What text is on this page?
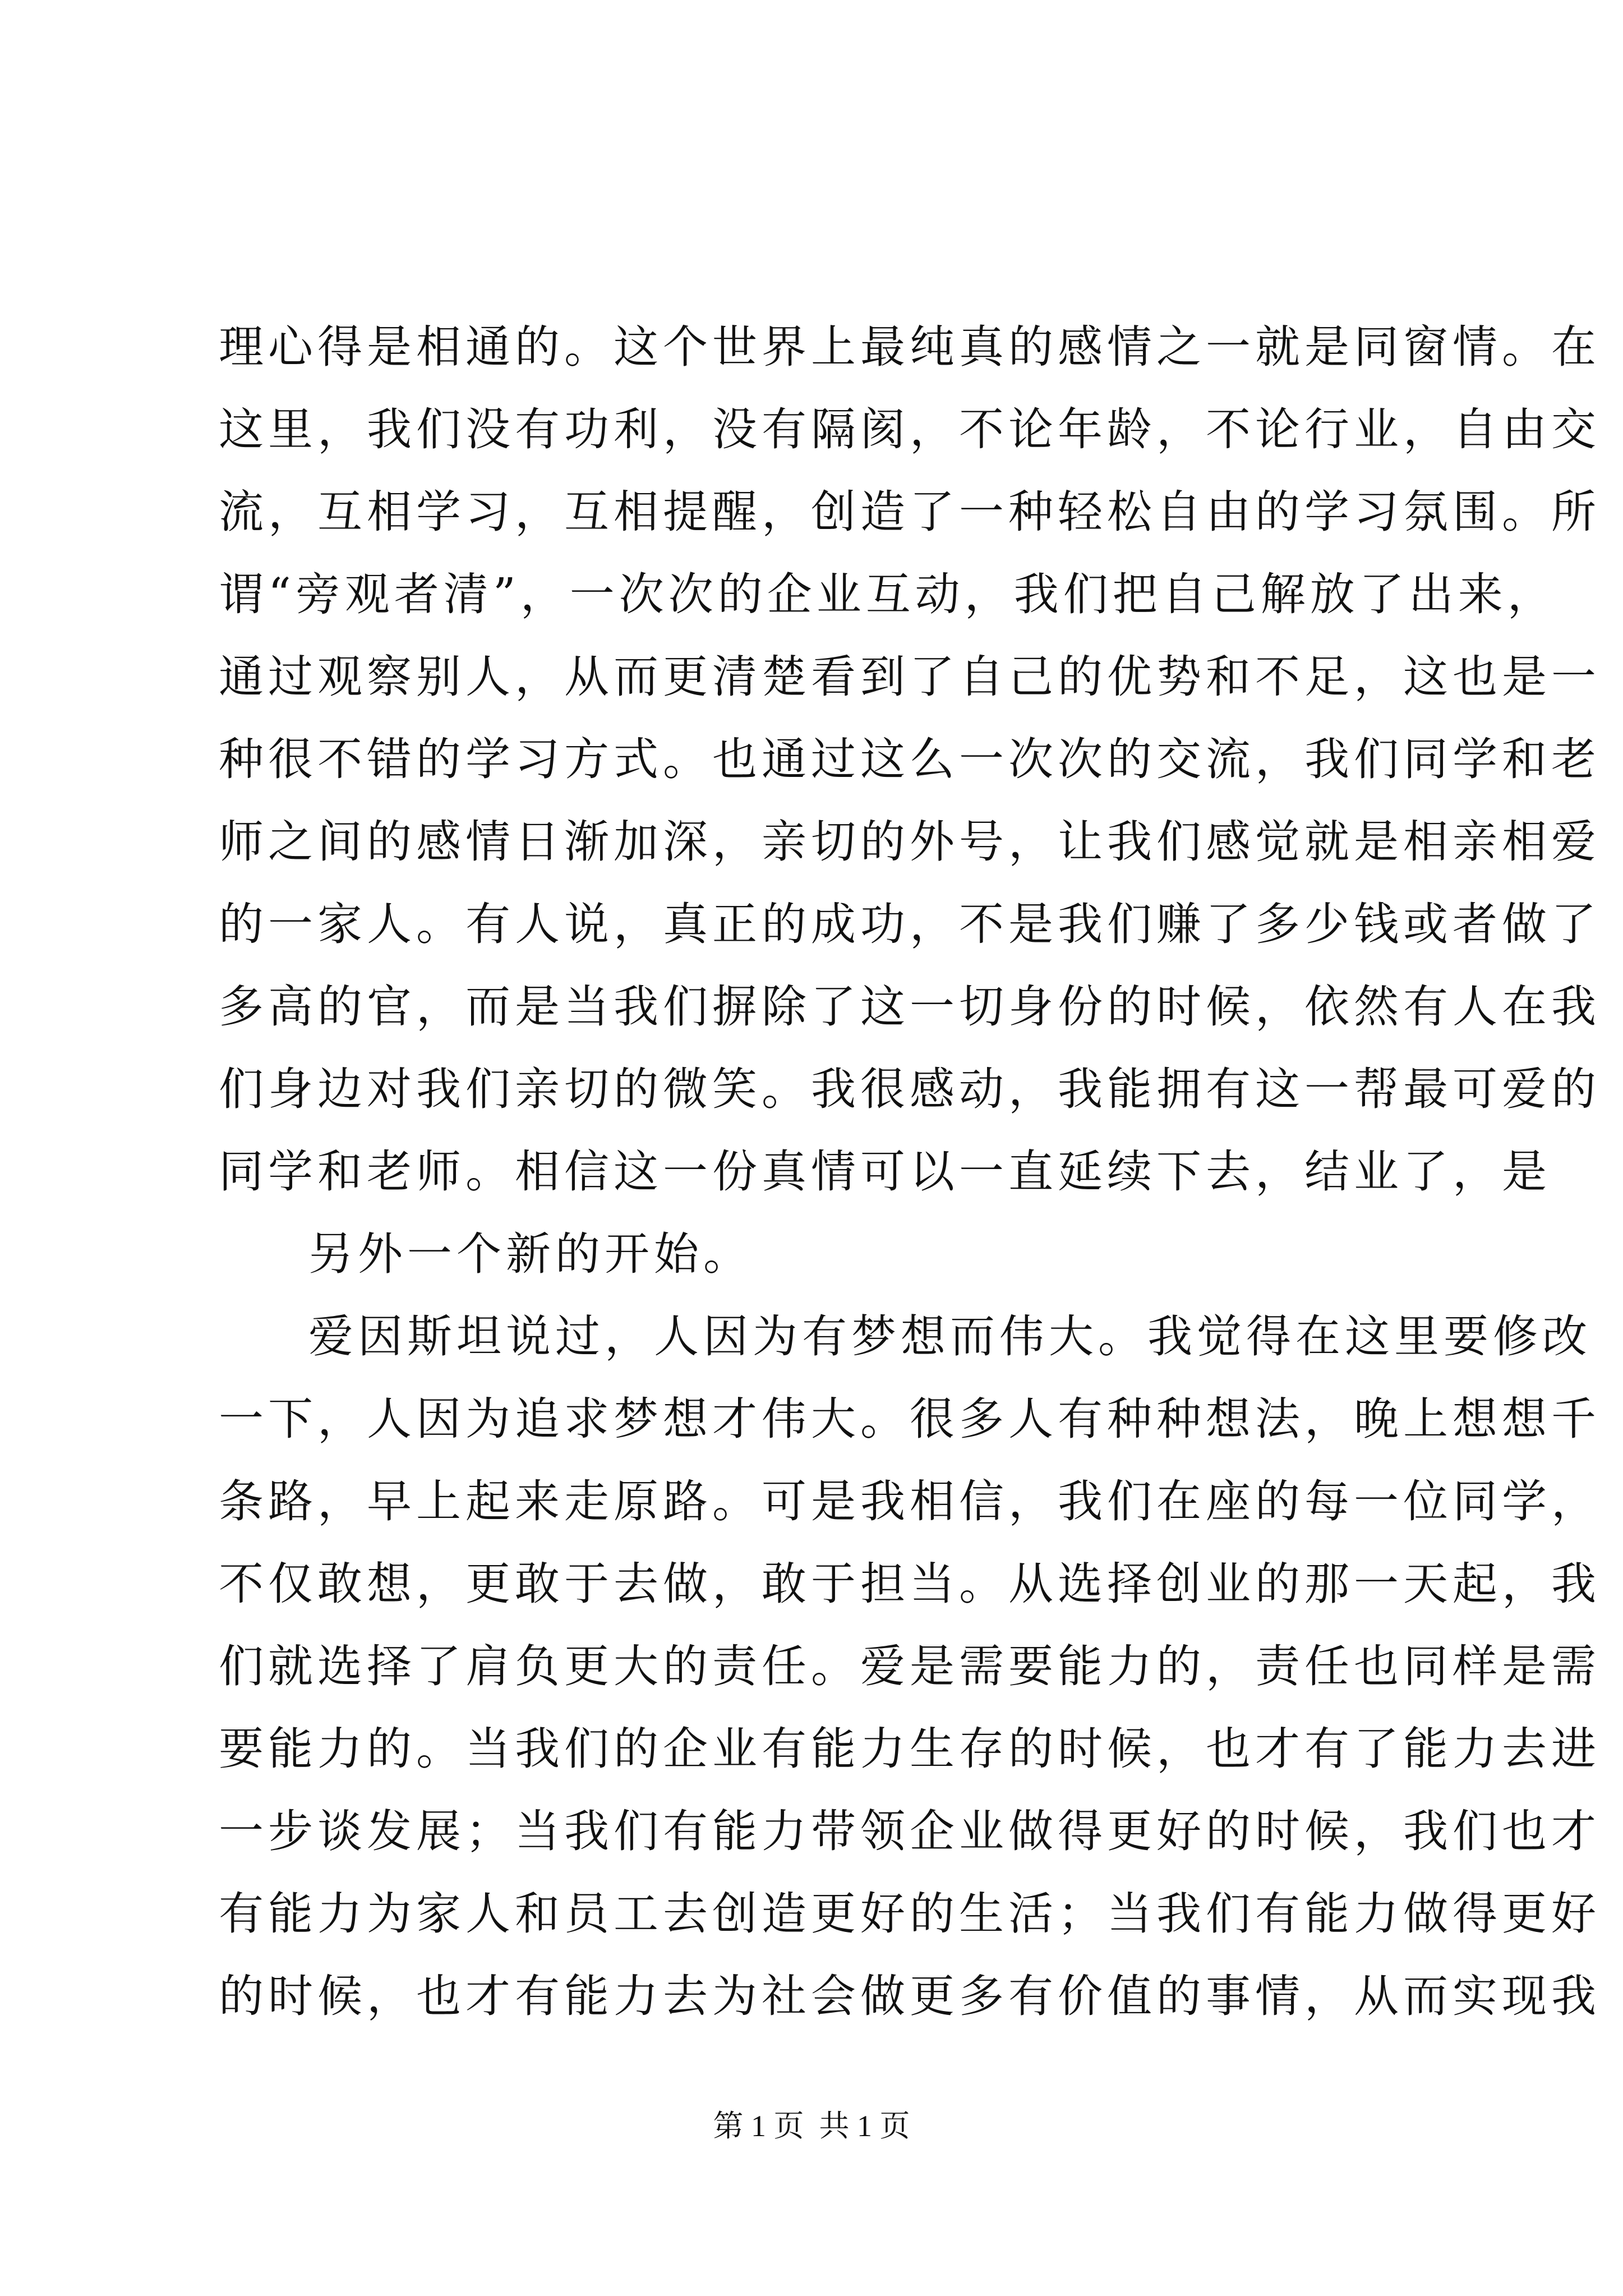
理心得是相通的。这个世界上最纯真的感情之一就是同窗情。在
这里，我们没有功利，没有隔阂，不论年龄，不论行业，自由交
流，互相学习，互相提醒，创造了一种轻松自由的学习氛围。所
谓“旁观者清”，一次次的企业互动，我们把自己解放了出来，
通过观察别人，从而更清楚看到了自己的优势和不足，这也是一
种很不错的学习方式。也通过这么一次次的交流，我们同学和老
师之间的感情日渐加深，亲切的外号，让我们感觉就是相亲相爱
的一家人。有人说，真正的成功，不是我们赚了多少钱或者做了
多高的官，而是当我们摒除了这一切身份的时候，依然有人在我
们身边对我们亲切的微笑。我很感动，我能拥有这一帮最可爱的
同学和老师。相信这一份真情可以一直延续下去，结业了，是
另外一个新的开始。
爱因斯坦说过，人因为有梦想而伟大。我觉得在这里要修改
一下，人因为追求梦想才伟大。很多人有种种想法，晚上想想千
条路，早上起来走原路。可是我相信，我们在座的每一位同学，
不仅敢想，更敢于去做，敢于担当。从选择创业的那一天起，我
们就选择了肩负更大的责任。爱是需要能力的，责任也同样是需
要能力的。当我们的企业有能力生存的时候，也才有了能力去进
一步谈发展；当我们有能力带领企业做得更好的时候，我们也才
有能力为家人和员工去创造更好的生活；当我们有能力做得更好
的时候，也才有能力去为社会做更多有价值的事情，从而实现我
第 1 页  共 1 页
